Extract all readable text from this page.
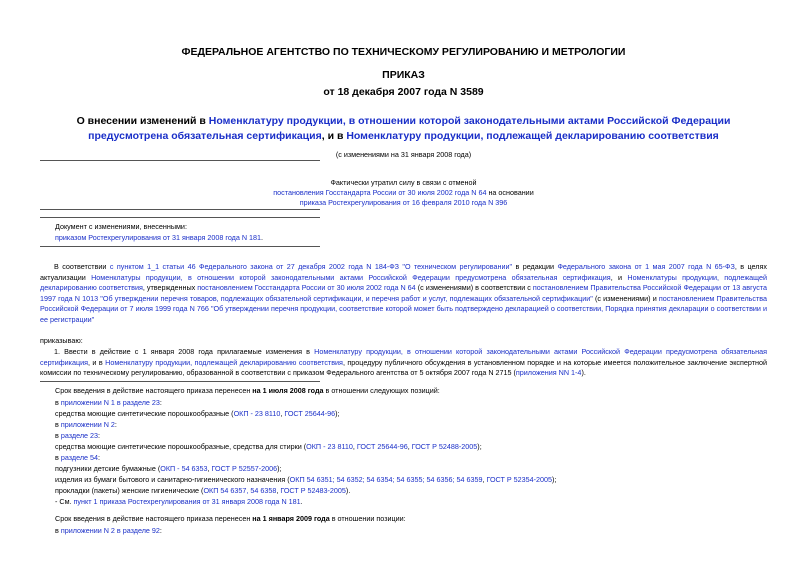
ФЕДЕРАЛЬНОЕ АГЕНТСТВО ПО ТЕХНИЧЕСКОМУ РЕГУЛИРОВАНИЮ И МЕТРОЛОГИИ
ПРИКАЗ
от 18 декабря 2007 года N 3589
О внесении изменений в Номенклатуру продукции, в отношении которой законодательными актами Российской Федерации предусмотрена обязательная сертификация, и в Номенклатуру продукции, подлежащей декларированию соответствия
(с изменениями на 31 января 2008 года)
Фактически утратил силу в связи с отменой
постановления Госстандарта России от 30 июля 2002 года N 64 на основании
приказа Ростехрегулирования от 16 февраля 2010 года N 396
Документ с изменениями, внесенными:
приказом Ростехрегулирования от 31 января 2008 года N 181.
В соответствии с пунктом 1_1 статьи 46 Федерального закона от 27 декабря 2002 года N 184-ФЗ "О техническом регулировании" в редакции Федерального закона от 1 мая 2007 года N 65-ФЗ, в целях актуализации Номенклатуры продукции, в отношении которой законодательными актами Российской Федерации предусмотрена обязательная сертификация, и Номенклатуры продукции, подлежащей декларированию соответствия, утвержденных постановлением Госстандарта России от 30 июля 2002 года N 64 (с изменениями) в соответствии с постановлением Правительства Российской Федерации от 13 августа 1997 года N 1013 "Об утверждении перечня товаров, подлежащих обязательной сертификации, и перечня работ и услуг, подлежащих обязательной сертификации" (с изменениями) и постановлением Правительства Российской Федерации от 7 июля 1999 года N 766 "Об утверждении перечня продукции, соответствие которой может быть подтверждено декларацией о соответствии, Порядка принятия декларации о соответствии и ее регистрации"
приказываю:
1. Ввести в действие с 1 января 2008 года прилагаемые изменения в Номенклатуру продукции, в отношении которой законодательными актами Российской Федерации предусмотрена обязательная сертификация, и в Номенклатуру продукции, подлежащей декларированию соответствия, процедуру публичного обсуждения в установленном порядке и на которые имеется положительное заключение экспертной комиссии по техническому регулированию, образованной в соответствии с приказом Федерального агентства от 5 октября 2007 года N 2715 (приложения NN 1-4).
Срок введения в действие настоящего приказа перенесен на 1 июля 2008 года в отношении следующих позиций:
в приложении N 1 в разделе 23:
средства моющие синтетические порошкообразные (ОКП - 23 8110, ГОСТ 25644-96);
в приложении N 2:
в разделе 23:
средства моющие синтетические порошкообразные, средства для стирки (ОКП - 23 8110, ГОСТ 25644-96, ГОСТ Р 52488-2005);
в разделе 54:
подгузники детские бумажные (ОКП - 54 6353, ГОСТ Р 52557-2006);
изделия из бумаги бытового и санитарно-гигиенического назначения (ОКП 54 6351; 54 6352; 54 6354; 54 6355; 54 6356; 54 6359, ГОСТ Р 52354-2005);
прокладки (пакеты) женские гигиенические (ОКП 54 6357, 54 6358, ГОСТ Р 52483-2005).
- См. пункт 1 приказа Ростехрегулирования от 31 января 2008 года N 181.
Срок введения в действие настоящего приказа перенесен на 1 января 2009 года в отношении позиции:
в приложении N 2 в разделе 92:
